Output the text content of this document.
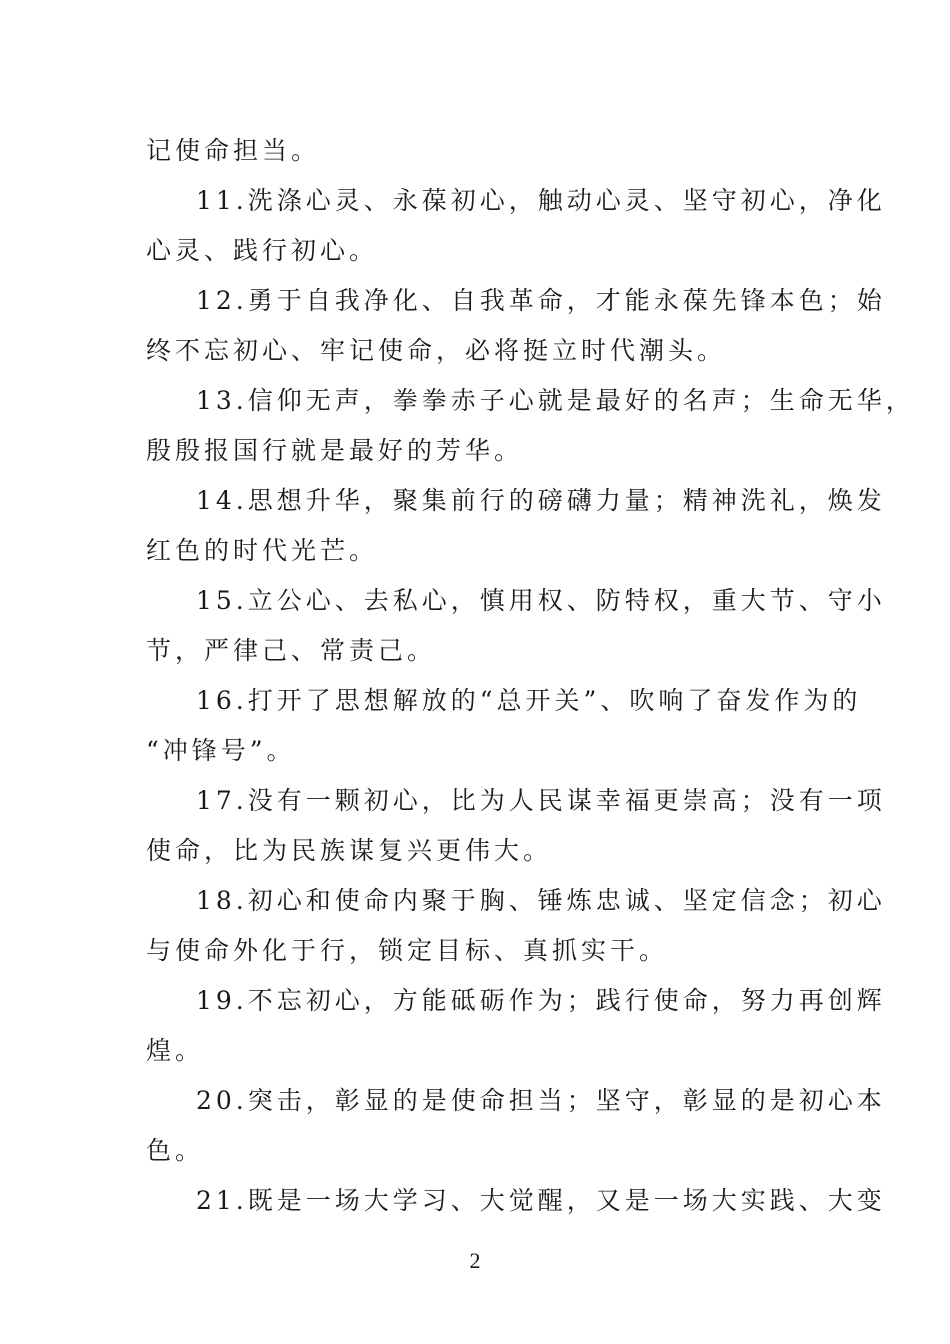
记使命担当。
11.洗涤心灵、永葆初心，触动心灵、坚守初心，净化
心灵、践行初心。
12.勇于自我净化、自我革命，才能永葆先锋本色；始
终不忘初心、牢记使命，必将挺立时代潮头。
13.信仰无声，拳拳赤子心就是最好的名声；生命无华，
殷殷报国行就是最好的芳华。
14.思想升华，聚集前行的磅礴力量；精神洗礼，焕发
红色的时代光芒。
15.立公心、去私心，慎用权、防特权，重大节、守小
节，严律己、常责己。
16.打开了思想解放的“总开关”、吹响了奋发作为的
“冲锋号”。
17.没有一颗初心，比为人民谋幸福更崇高；没有一项
使命，比为民族谋复兴更伟大。
18.初心和使命内聚于胸、锤炼忠诚、坚定信念；初心
与使命外化于行，锁定目标、真抓实干。
19.不忘初心，方能砥砺作为；践行使命，努力再创辉
煌。
20.突击，彰显的是使命担当；坚守，彰显的是初心本
色。
21.既是一场大学习、大觉醒，又是一场大实践、大变
2
